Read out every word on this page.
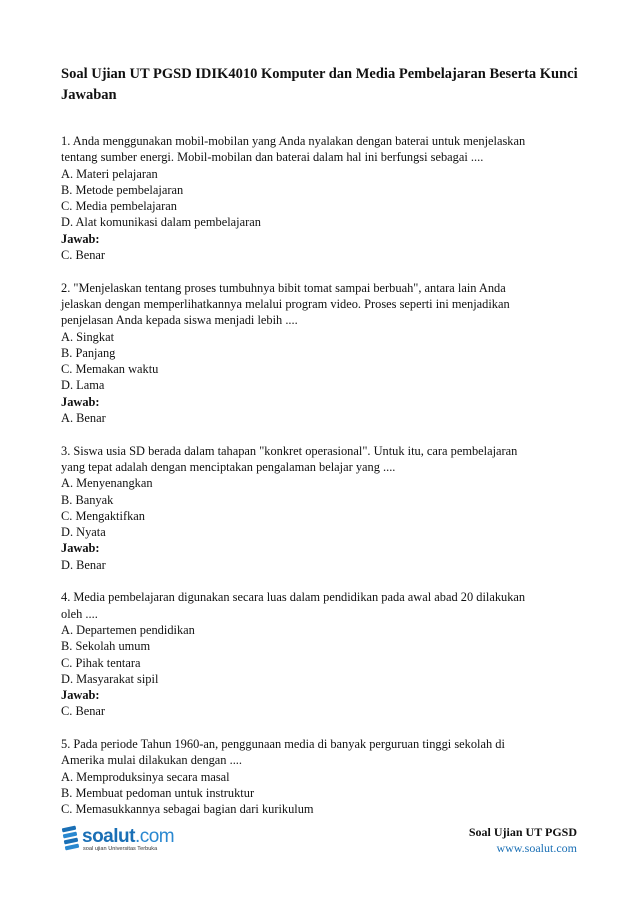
Soal Ujian UT PGSD IDIK4010 Komputer dan Media Pembelajaran Beserta Kunci Jawaban
1. Anda menggunakan mobil-mobilan yang Anda nyalakan dengan baterai untuk menjelaskan
tentang sumber energi. Mobil-mobilan dan baterai dalam hal ini berfungsi sebagai ....
A. Materi pelajaran
B. Metode pembelajaran
C. Media pembelajaran
D. Alat komunikasi dalam pembelajaran
Jawab:
C. Benar
2. "Menjelaskan tentang proses tumbuhnya bibit tomat sampai berbuah", antara lain Anda
jelaskan dengan memperlihatkannya melalui program video. Proses seperti ini menjadikan
penjelasan Anda kepada siswa menjadi lebih ....
A. Singkat
B. Panjang
C. Memakan waktu
D. Lama
Jawab:
A. Benar
3. Siswa usia SD berada dalam tahapan "konkret operasional". Untuk itu, cara pembelajaran
yang tepat adalah dengan menciptakan pengalaman belajar yang ....
A. Menyenangkan
B. Banyak
C. Mengaktifkan
D. Nyata
Jawab:
D. Benar
4. Media pembelajaran digunakan secara luas dalam pendidikan pada awal abad 20 dilakukan
oleh ....
A. Departemen pendidikan
B. Sekolah umum
C. Pihak tentara
D. Masyarakat sipil
Jawab:
C. Benar
5. Pada periode Tahun 1960-an, penggunaan media di banyak perguruan tinggi sekolah di
Amerika mulai dilakukan dengan ....
A. Memproduksinya secara masal
B. Membuat pedoman untuk instruktur
C. Memasukkannya sebagai bagian dari kurikulum
soalut.com
soal ujian Universitas Terbuka
Soal Ujian UT PGSD
www.soalut.com
